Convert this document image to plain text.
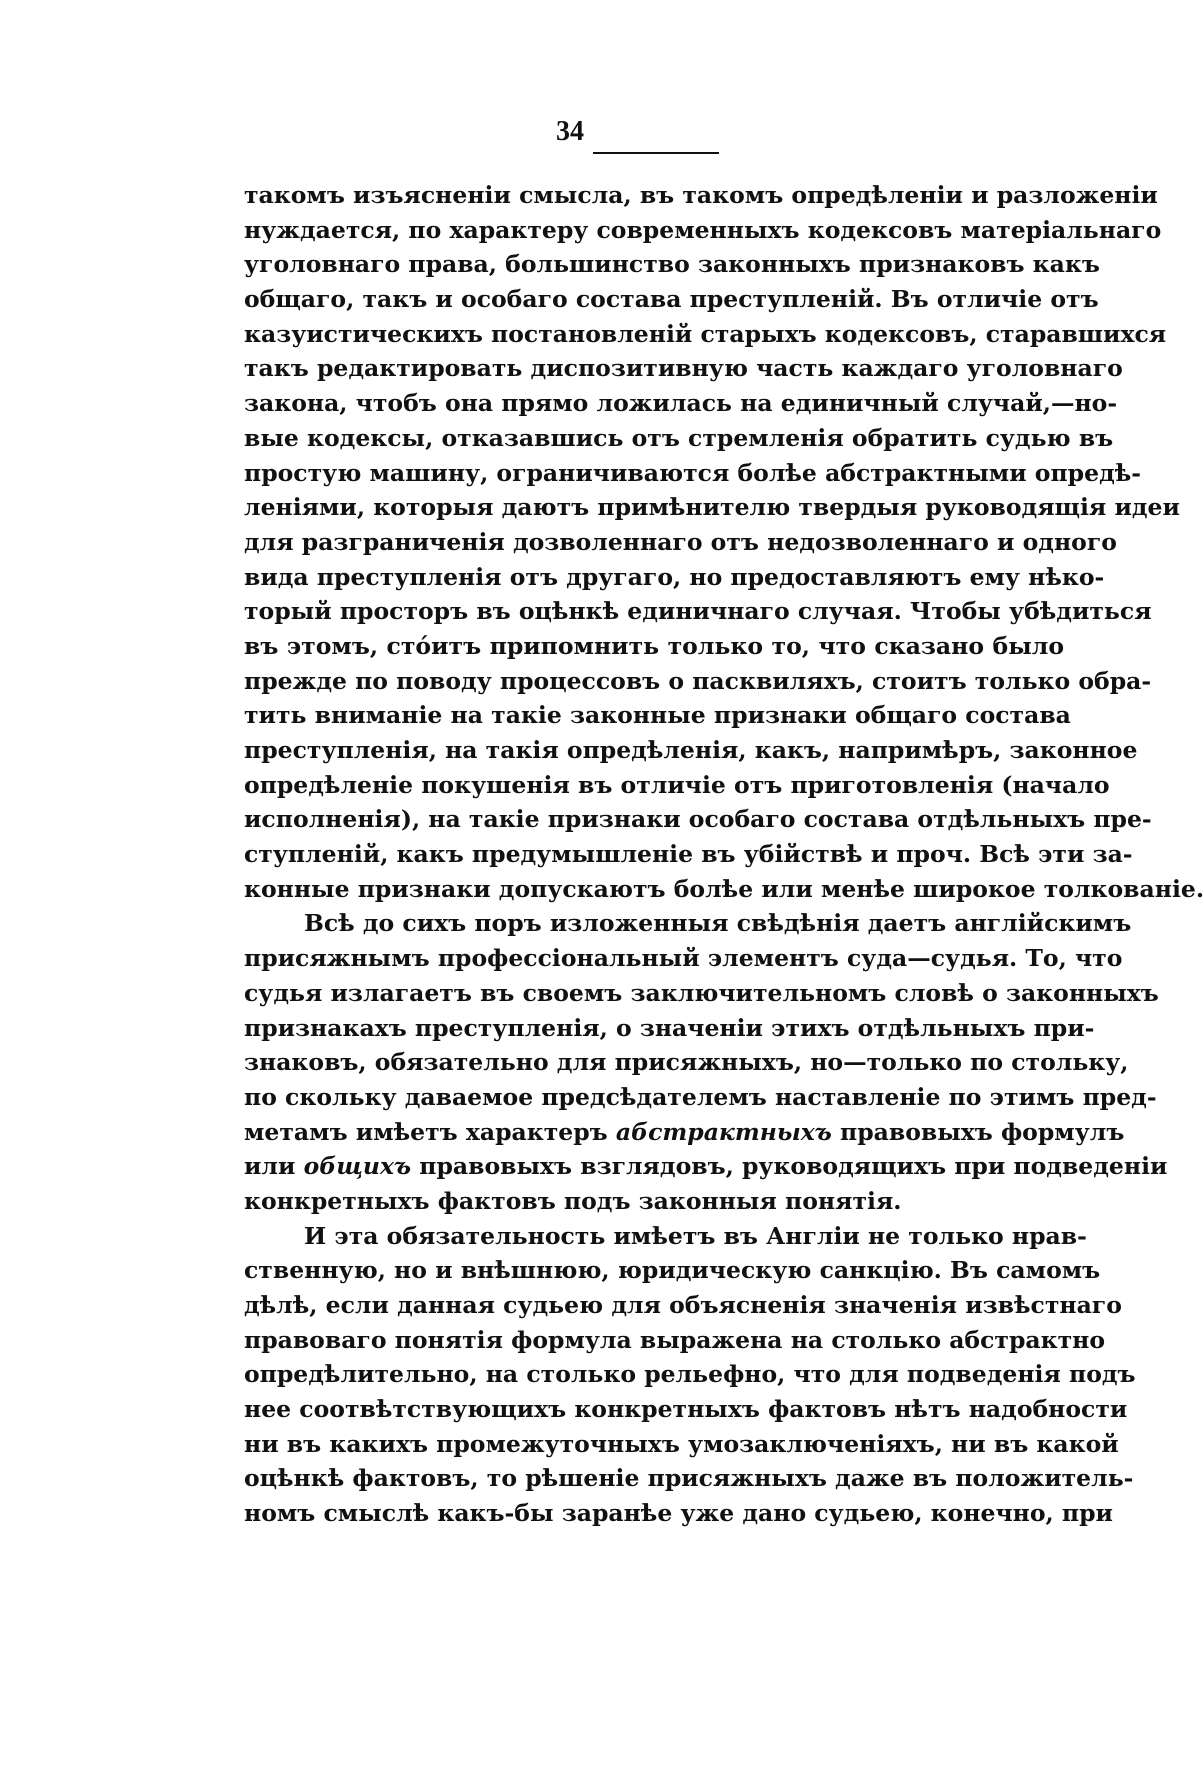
34
такомъ изъясненіи смысла, въ такомъ опредѣленіи и разложеніи
нуждается, по характеру современныхъ кодексовъ матеріальнаго
уголовнаго права, большинство законныхъ признаковъ какъ
общаго, такъ и особаго состава преступленій. Въ отличіе отъ
казуистическихъ постановленій старыхъ кодексовъ, старавшихся
такъ редактировать диспозитивную часть каждаго уголовнаго
закона, чтобъ она прямо ложилась на единичный случай,—но-
вые кодексы, отказавшись отъ стремленія обратить судью въ
простую машину, ограничиваются болѣе абстрактными опредѣ-
леніями, которыя даютъ примѣнителю твердыя руководящія идеи
для разграниченія дозволеннаго отъ недозволеннаго и одного
вида преступленія отъ другаго, но предоставляютъ ему нѣко-
торый просторъ въ оцѣнкѣ единичнаго случая. Чтобы убѣдиться
въ этомъ, стóитъ припомнить только то, что сказано было
прежде по поводу процессовъ о пасквиляхъ, стоитъ только обра-
тить вниманіе на такіе законные признаки общаго состава
преступленія, на такія опредѣленія, какъ, напримѣръ, законное
опредѣленіе покушенія въ отличіе отъ приготовленія (начало
исполненія), на такіе признаки особаго состава отдѣльныхъ пре-
ступленій, какъ предумышленіе въ убійствѣ и проч. Всѣ эти за-
конные признаки допускаютъ болѣе или менѣе широкое толкованіе.
Всѣ до сихъ поръ изложенныя свѣдѣнія даетъ англійскимъ
присяжнымъ профессіональный элементъ суда—судья. То, что
судья излагаетъ въ своемъ заключительномъ словѣ о законныхъ
признакахъ преступленія, о значеніи этихъ отдѣльныхъ при-
знаковъ, обязательно для присяжныхъ, но—только по стольку,
по скольку даваемое предсѣдателемъ наставленіе по этимъ пред-
метамъ имѣетъ характеръ абстрактныхъ правовыхъ формулъ
или общихъ правовыхъ взглядовъ, руководящихъ при подведеніи
конкретныхъ фактовъ подъ законныя понятія.
И эта обязательность имѣетъ въ Англіи не только нрав-
ственную, но и внѣшнюю, юридическую санкцію. Въ самомъ
дѣлѣ, если данная судьею для объясненія значенія извѣстнаго
правоваго понятія формула выражена на столько абстрактно
опредѣлительно, на столько рельефно, что для подведенія подъ
нее соотвѣтствующихъ конкретныхъ фактовъ нѣтъ надобности
ни въ какихъ промежуточныхъ умозаключеніяхъ, ни въ какой
оцѣнкѣ фактовъ, то рѣшеніе присяжныхъ даже въ положитель-
номъ смыслѣ какъ-бы заранѣе уже дано судьею, конечно, при
